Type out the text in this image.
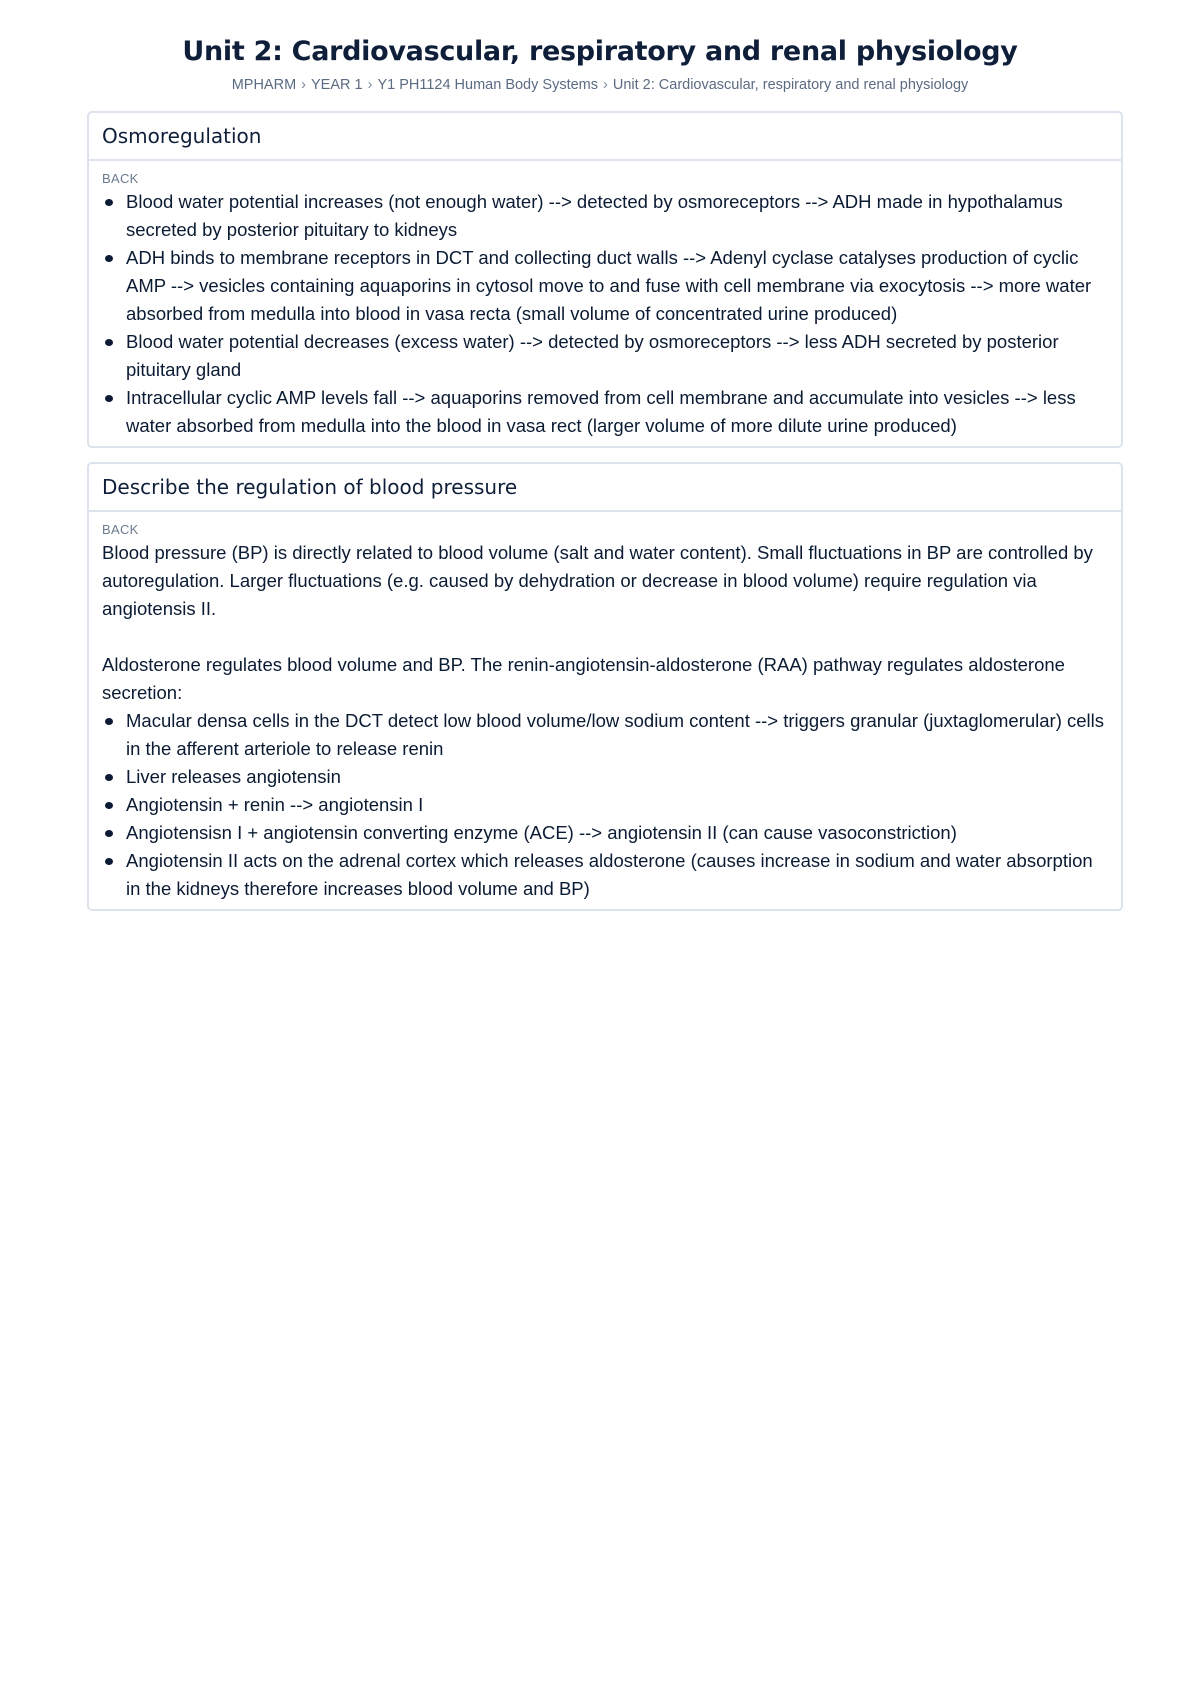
Unit 2: Cardiovascular, respiratory and renal physiology
MPHARM › YEAR 1 › Y1 PH1124 Human Body Systems › Unit 2: Cardiovascular, respiratory and renal physiology
Osmoregulation
BACK
Blood water potential increases (not enough water) --> detected by osmoreceptors --> ADH made in hypothalamus secreted by posterior pituitary to kidneys
ADH binds to membrane receptors in DCT and collecting duct walls --> Adenyl cyclase catalyses production of cyclic AMP --> vesicles containing aquaporins in cytosol move to and fuse with cell membrane via exocytosis --> more water absorbed from medulla into blood in vasa recta (small volume of concentrated urine produced)
Blood water potential decreases (excess water) --> detected by osmoreceptors --> less ADH secreted by posterior pituitary gland
Intracellular cyclic AMP levels fall --> aquaporins removed from cell membrane and accumulate into vesicles --> less water absorbed from medulla into the blood in vasa rect (larger volume of more dilute urine produced)
Describe the regulation of blood pressure
BACK

Blood pressure (BP) is directly related to blood volume (salt and water content). Small fluctuations in BP are controlled by autoregulation. Larger fluctuations (e.g. caused by dehydration or decrease in blood volume) require regulation via angiotensis II.

Aldosterone regulates blood volume and BP. The renin-angiotensin-aldosterone (RAA) pathway regulates aldosterone secretion:

Macular densa cells in the DCT detect low blood volume/low sodium content --> triggers granular (juxtaglomerular) cells in the afferent arteriole to release renin
Liver releases angiotensin
Angiotensin + renin --> angiotensin I
Angiotensisn I + angiotensin converting enzyme (ACE) --> angiotensin II (can cause vasoconstriction)
Angiotensin II acts on the adrenal cortex which releases aldosterone (causes increase in sodium and water absorption in the kidneys therefore increases blood volume and BP)
